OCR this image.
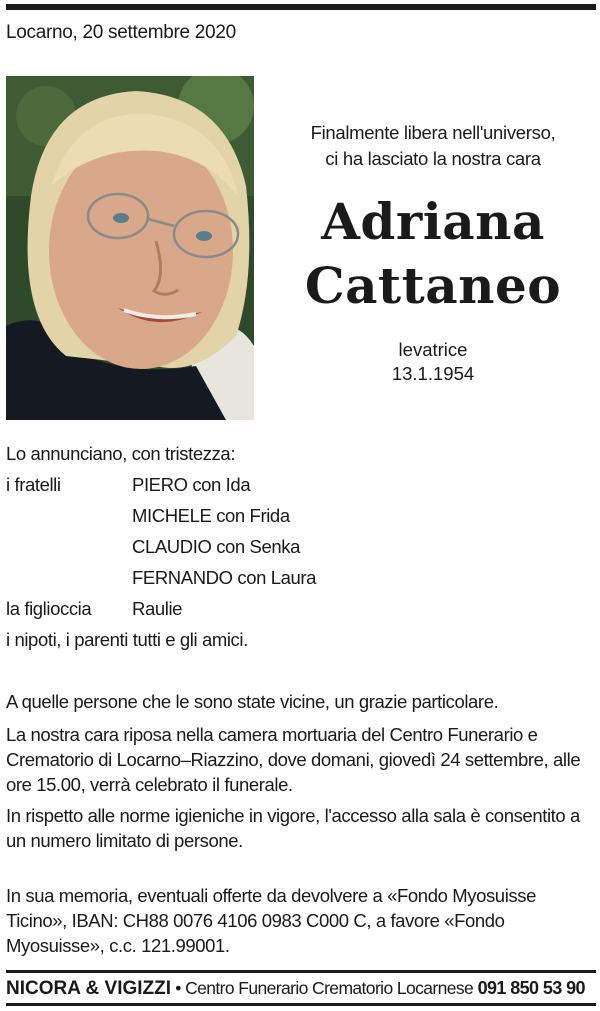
Locarno, 20 settembre 2020
Finalmente libera nell'universo,
ci ha lasciato la nostra cara
Adriana
Cattaneo
levatrice
13.1.1954
Lo annunciano, con tristezza:
i fratelli	PIERO con Ida
MICHELE con Frida
CLAUDIO con Senka
FERNANDO con Laura
la figlioccia Raulie
i nipoti, i parenti tutti e gli amici.
A quelle persone che le sono state vicine, un grazie particolare.
La nostra cara riposa nella camera mortuaria del Centro Funerario e Crematorio di Locarno–Riazzino, dove domani, giovedì 24 settembre, alle ore 15.00, verrà celebrato il funerale.
In rispetto alle norme igieniche in vigore, l'accesso alla sala è consentito a un numero limitato di persone.
In sua memoria, eventuali offerte da devolvere a «Fondo Myosuisse Ticino», IBAN: CH88 0076 4106 0983 C000 C, a favore «Fondo Myosuisse», c.c. 121.99001.
NICORA & VIGIZZI • Centro Funerario Crematorio Locarnese 091 850 53 90
